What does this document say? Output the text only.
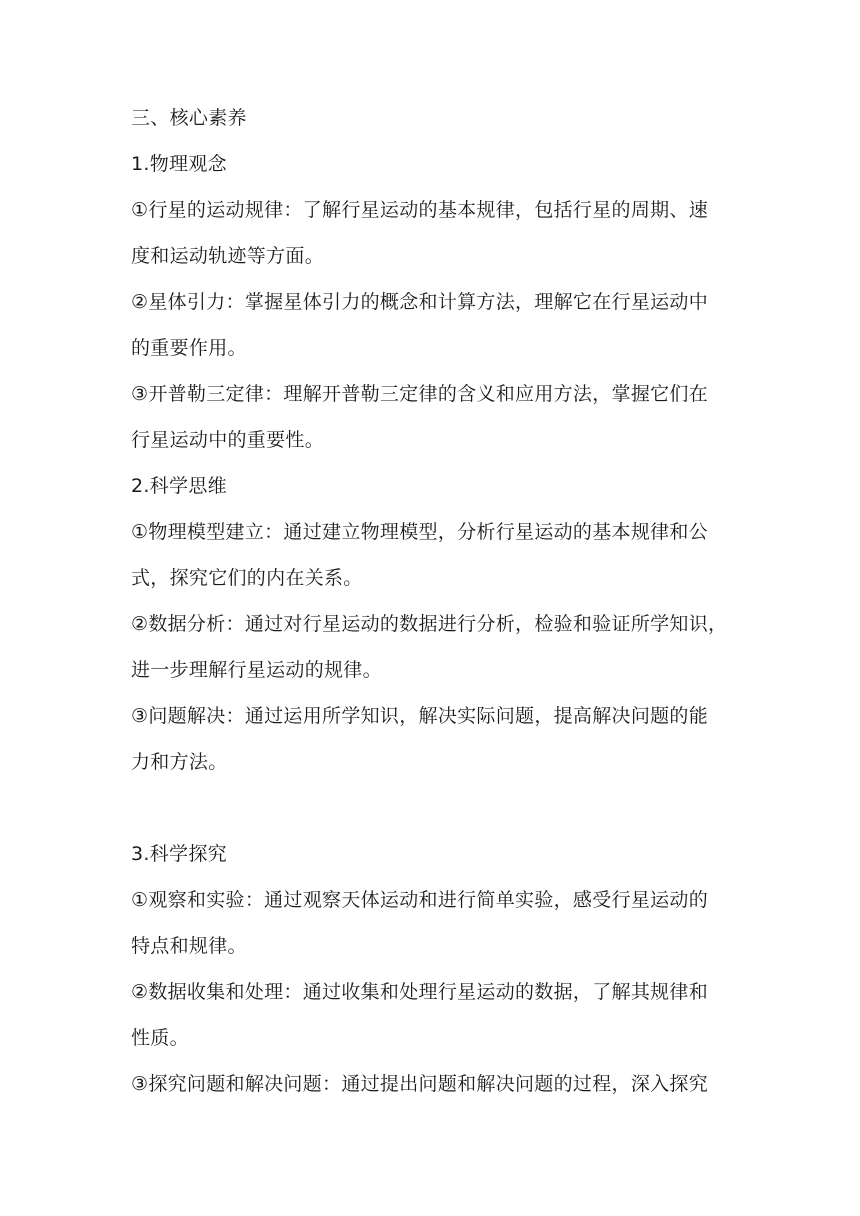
三、核心素养

1.物理观念

①行星的运动规律：了解行星运动的基本规律，包括行星的周期、速

度和运动轨迹等方面。

②星体引力：掌握星体引力的概念和计算方法，理解它在行星运动中

的重要作用。

③开普勒三定律：理解开普勒三定律的含义和应用方法，掌握它们在

行星运动中的重要性。

2.科学思维

①物理模型建立：通过建立物理模型，分析行星运动的基本规律和公

式，探究它们的内在关系。

②数据分析：通过对行星运动的数据进行分析，检验和验证所学知识，

进一步理解行星运动的规律。

③问题解决：通过运用所学知识，解决实际问题，提高解决问题的能

力和方法。

3.科学探究

①观察和实验：通过观察天体运动和进行简单实验，感受行星运动的

特点和规律。

②数据收集和处理：通过收集和处理行星运动的数据，了解其规律和

性质。

③探究问题和解决问题：通过提出问题和解决问题的过程，深入探究
